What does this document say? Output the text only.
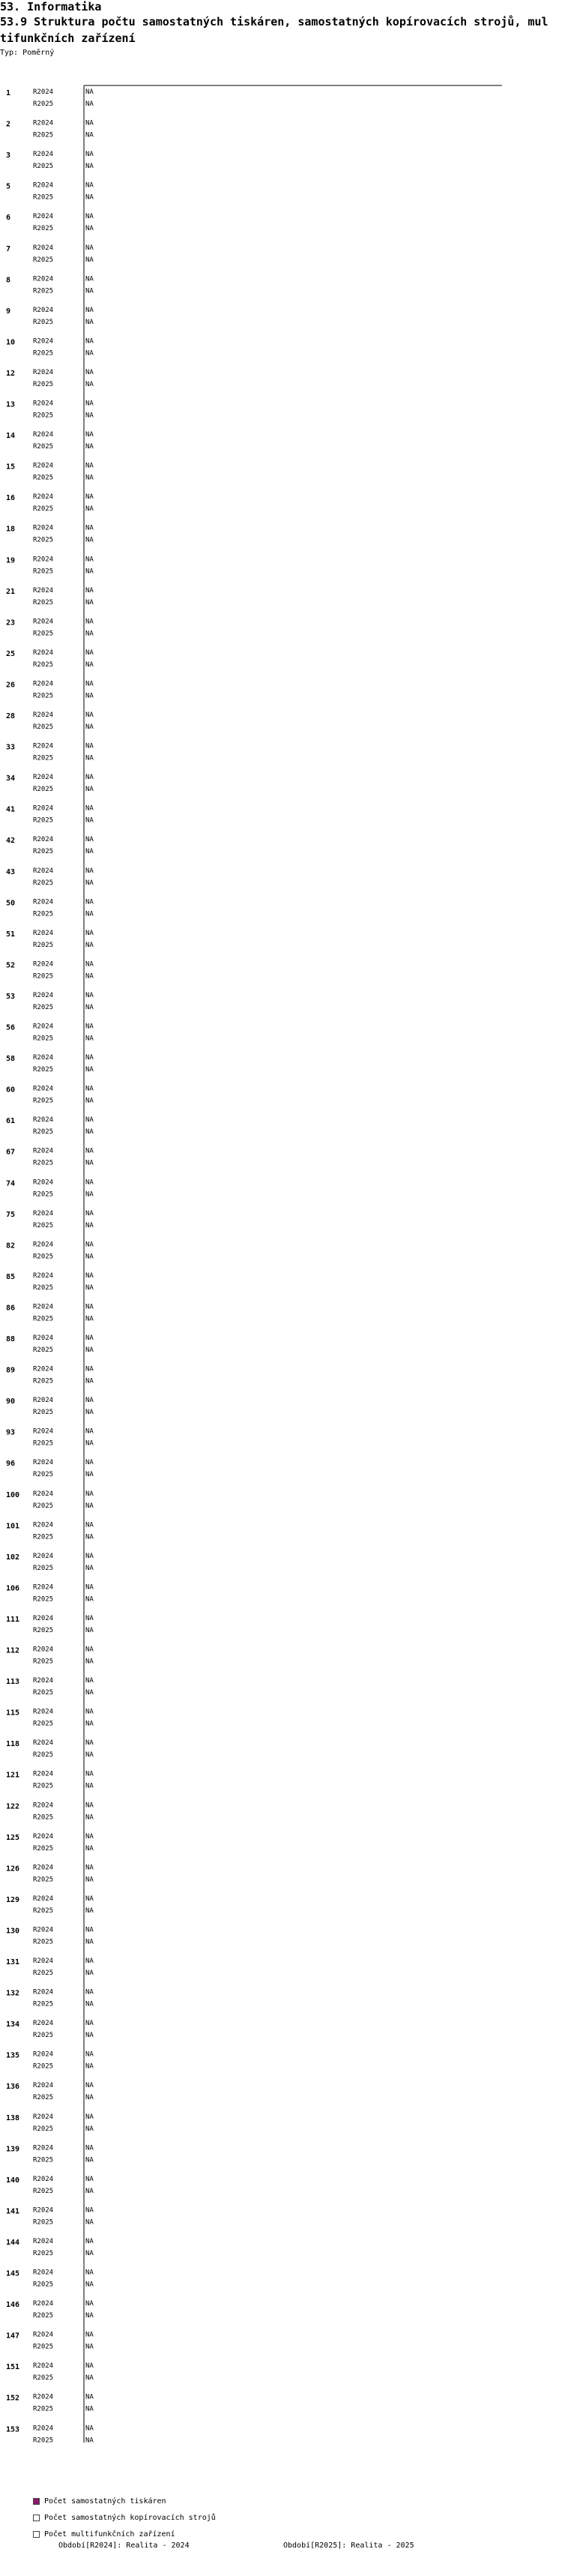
53. Informatika
53.9 Struktura počtu samostatných tiskáren, samostatných kopírovacích strojů, multifunkčních zařízení
Typ: Poměrný
1	R2024	NA
R2025	NA
2	R2024	NA
R2025	NA
3	R2024	NA
R2025	NA
5	R2024	NA
R2025	NA
6	R2024	NA
R2025	NA
7	R2024	NA
R2025	NA
8	R2024	NA
R2025	NA
9	R2024	NA
R2025	NA
10	R2024	NA
R2025	NA
12	R2024	NA
R2025	NA
13	R2024	NA
R2025	NA
14	R2024	NA
R2025	NA
15	R2024	NA
R2025	NA
16	R2024	NA
R2025	NA
18	R2024	NA
R2025	NA
19	R2024	NA
R2025	NA
21	R2024	NA
R2025	NA
23	R2024	NA
R2025	NA
25	R2024	NA
R2025	NA
26	R2024	NA
R2025	NA
28	R2024	NA
R2025	NA
33	R2024	NA
R2025	NA
34	R2024	NA
R2025	NA
41	R2024	NA
R2025	NA
42	R2024	NA
R2025	NA
43	R2024	NA
R2025	NA
50	R2024	NA
R2025	NA
51	R2024	NA
R2025	NA
52	R2024	NA
R2025	NA
53	R2024	NA
R2025	NA
56	R2024	NA
R2025	NA
58	R2024	NA
R2025	NA
60	R2024	NA
R2025	NA
61	R2024	NA
R2025	NA
67	R2024	NA
R2025	NA
74	R2024	NA
R2025	NA
75	R2024	NA
R2025	NA
82	R2024	NA
R2025	NA
85	R2024	NA
R2025	NA
86	R2024	NA
R2025	NA
88	R2024	NA
R2025	NA
89	R2024	NA
R2025	NA
90	R2024	NA
R2025	NA
93	R2024	NA
R2025	NA
96	R2024	NA
R2025	NA
100 R2024	NA
R2025	NA
101 R2024	NA
R2025	NA
102 R2024	NA
R2025	NA
106 R2024	NA
R2025	NA
111 R2024	NA
R2025	NA
112 R2024	NA
R2025	NA
113 R2024	NA
R2025	NA
115 R2024	NA
R2025	NA
118 R2024	NA
R2025	NA
121 R2024	NA
R2025	NA
122 R2024	NA
R2025	NA
125 R2024	NA
R2025	NA
126 R2024	NA
R2025	NA
129 R2024	NA
R2025	NA
130 R2024	NA
R2025	NA
131 R2024	NA
R2025	NA
132 R2024	NA
R2025	NA
134 R2024	NA
R2025	NA
135 R2024	NA
R2025	NA
136 R2024	NA
R2025	NA
138 R2024	NA
R2025	NA
139 R2024	NA
R2025	NA
140 R2024	NA
R2025	NA
141 R2024	NA
R2025	NA
144 R2024	NA
R2025	NA
145 R2024	NA
R2025	NA
146 R2024	NA
R2025	NA
147 R2024	NA
R2025	NA
151 R2024	NA
R2025	NA
152 R2024	NA
R2025	NA
153 R2024	NA
R2025	NA
Počet samostatných tiskáren
Počet samostatných kopírovacích strojů
Počet multifunkčních zařízení
Období[R2024]: Realita - 2024	Období[R2025]: Realita - 2025
